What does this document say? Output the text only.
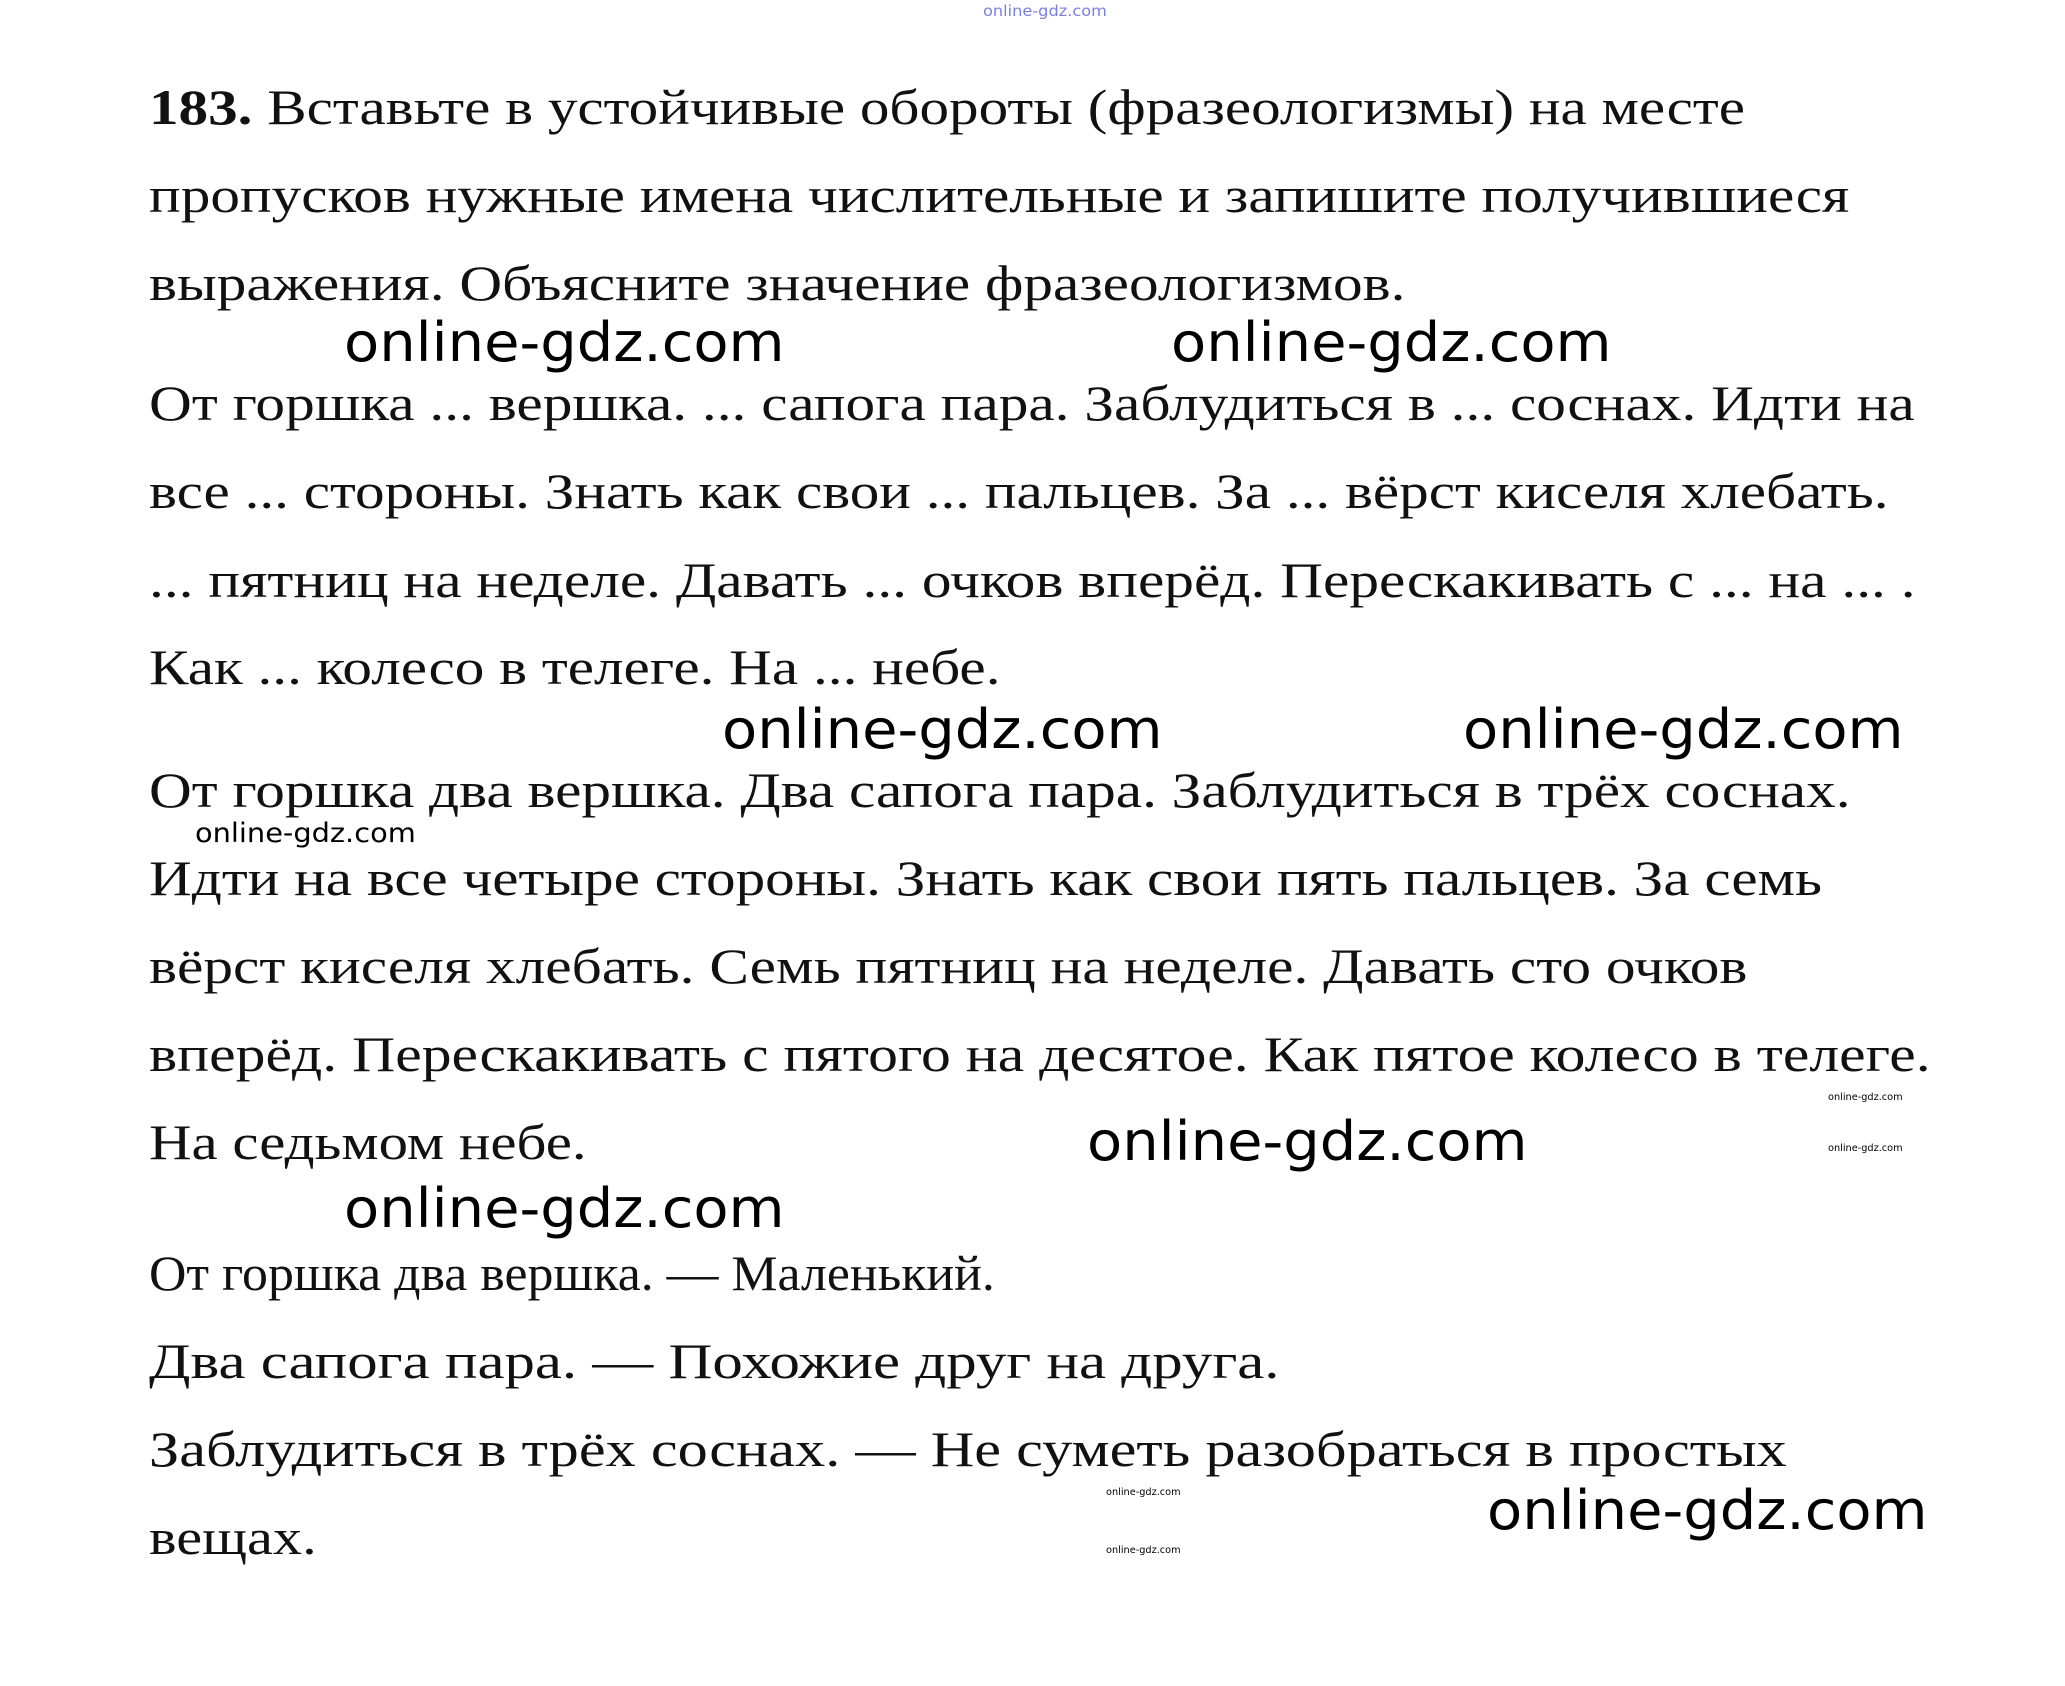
online-gdz.com
183. Вставьте в устойчивые обороты (фразеологизмы) на месте
пропусков нужные имена числительные и запишите получившиеся
выражения. Объясните значение фразеологизмов.
От горшка ... вершка. ... сапога пара. Заблудиться в ... соснах. Идти на
все ... стороны. Знать как свои ... пальцев. За ... вёрст киселя хлебать.
... пятниц на неделе. Давать ... очков вперёд. Перескакивать с ... на ... .
Как ... колесо в телеге. На ... небе.
От горшка два вершка. Два сапога пара. Заблудиться в трёх соснах.
Идти на все четыре стороны. Знать как свои пять пальцев. За семь
вёрст киселя хлебать. Семь пятниц на неделе. Давать сто очков
вперёд. Перескакивать с пятого на десятое. Как пятое колесо в телеге.
На седьмом небе.
От горшка два вершка. — Маленький.
Два сапога пара. — Похожие друг на друга.
Заблудиться в трёх соснах. — Не суметь разобраться в простых
вещах.
online-gdz.com	online-gdz.com
online-gdz.com	online-gdz.com
online-gdz.com
online-gdz.com
online-gdz.com
online-gdz.com
online-gdz.com
online-gdz.com
online-gdz.com
online-gdz.com
